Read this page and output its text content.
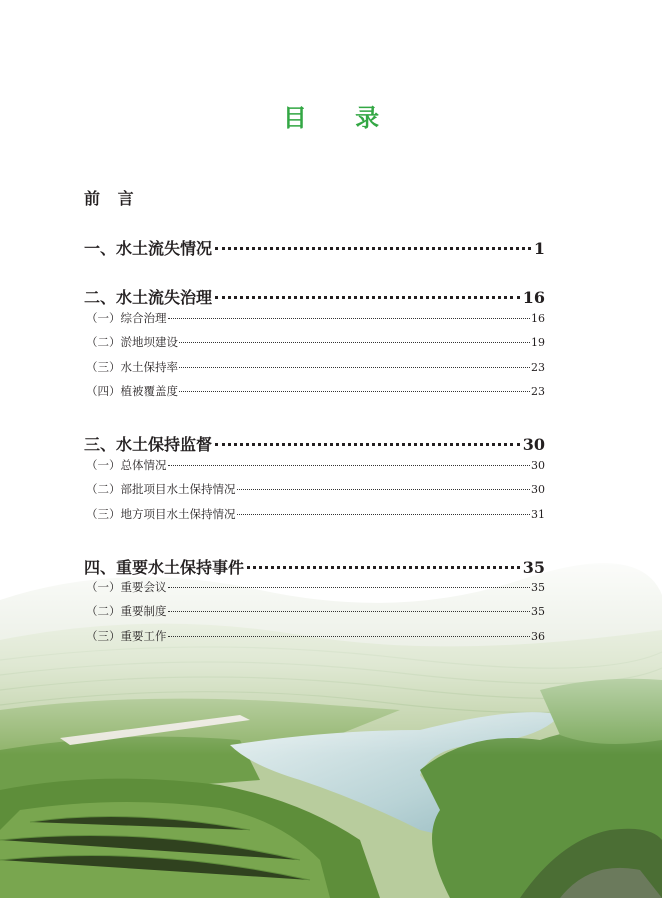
目 录
前 言
一、水土流失情况	1
二、水土流失治理	16
（一）综合治理	16
（二）淤地坝建设	19
（三）水土保持率	23
（四）植被覆盖度	23
三、水土保持监督	30
（一）总体情况	30
（二）部批项目水土保持情况	30
（三）地方项目水土保持情况	31
四、重要水土保持事件	35
（一）重要会议	35
（二）重要制度	35
（三）重要工作	36
